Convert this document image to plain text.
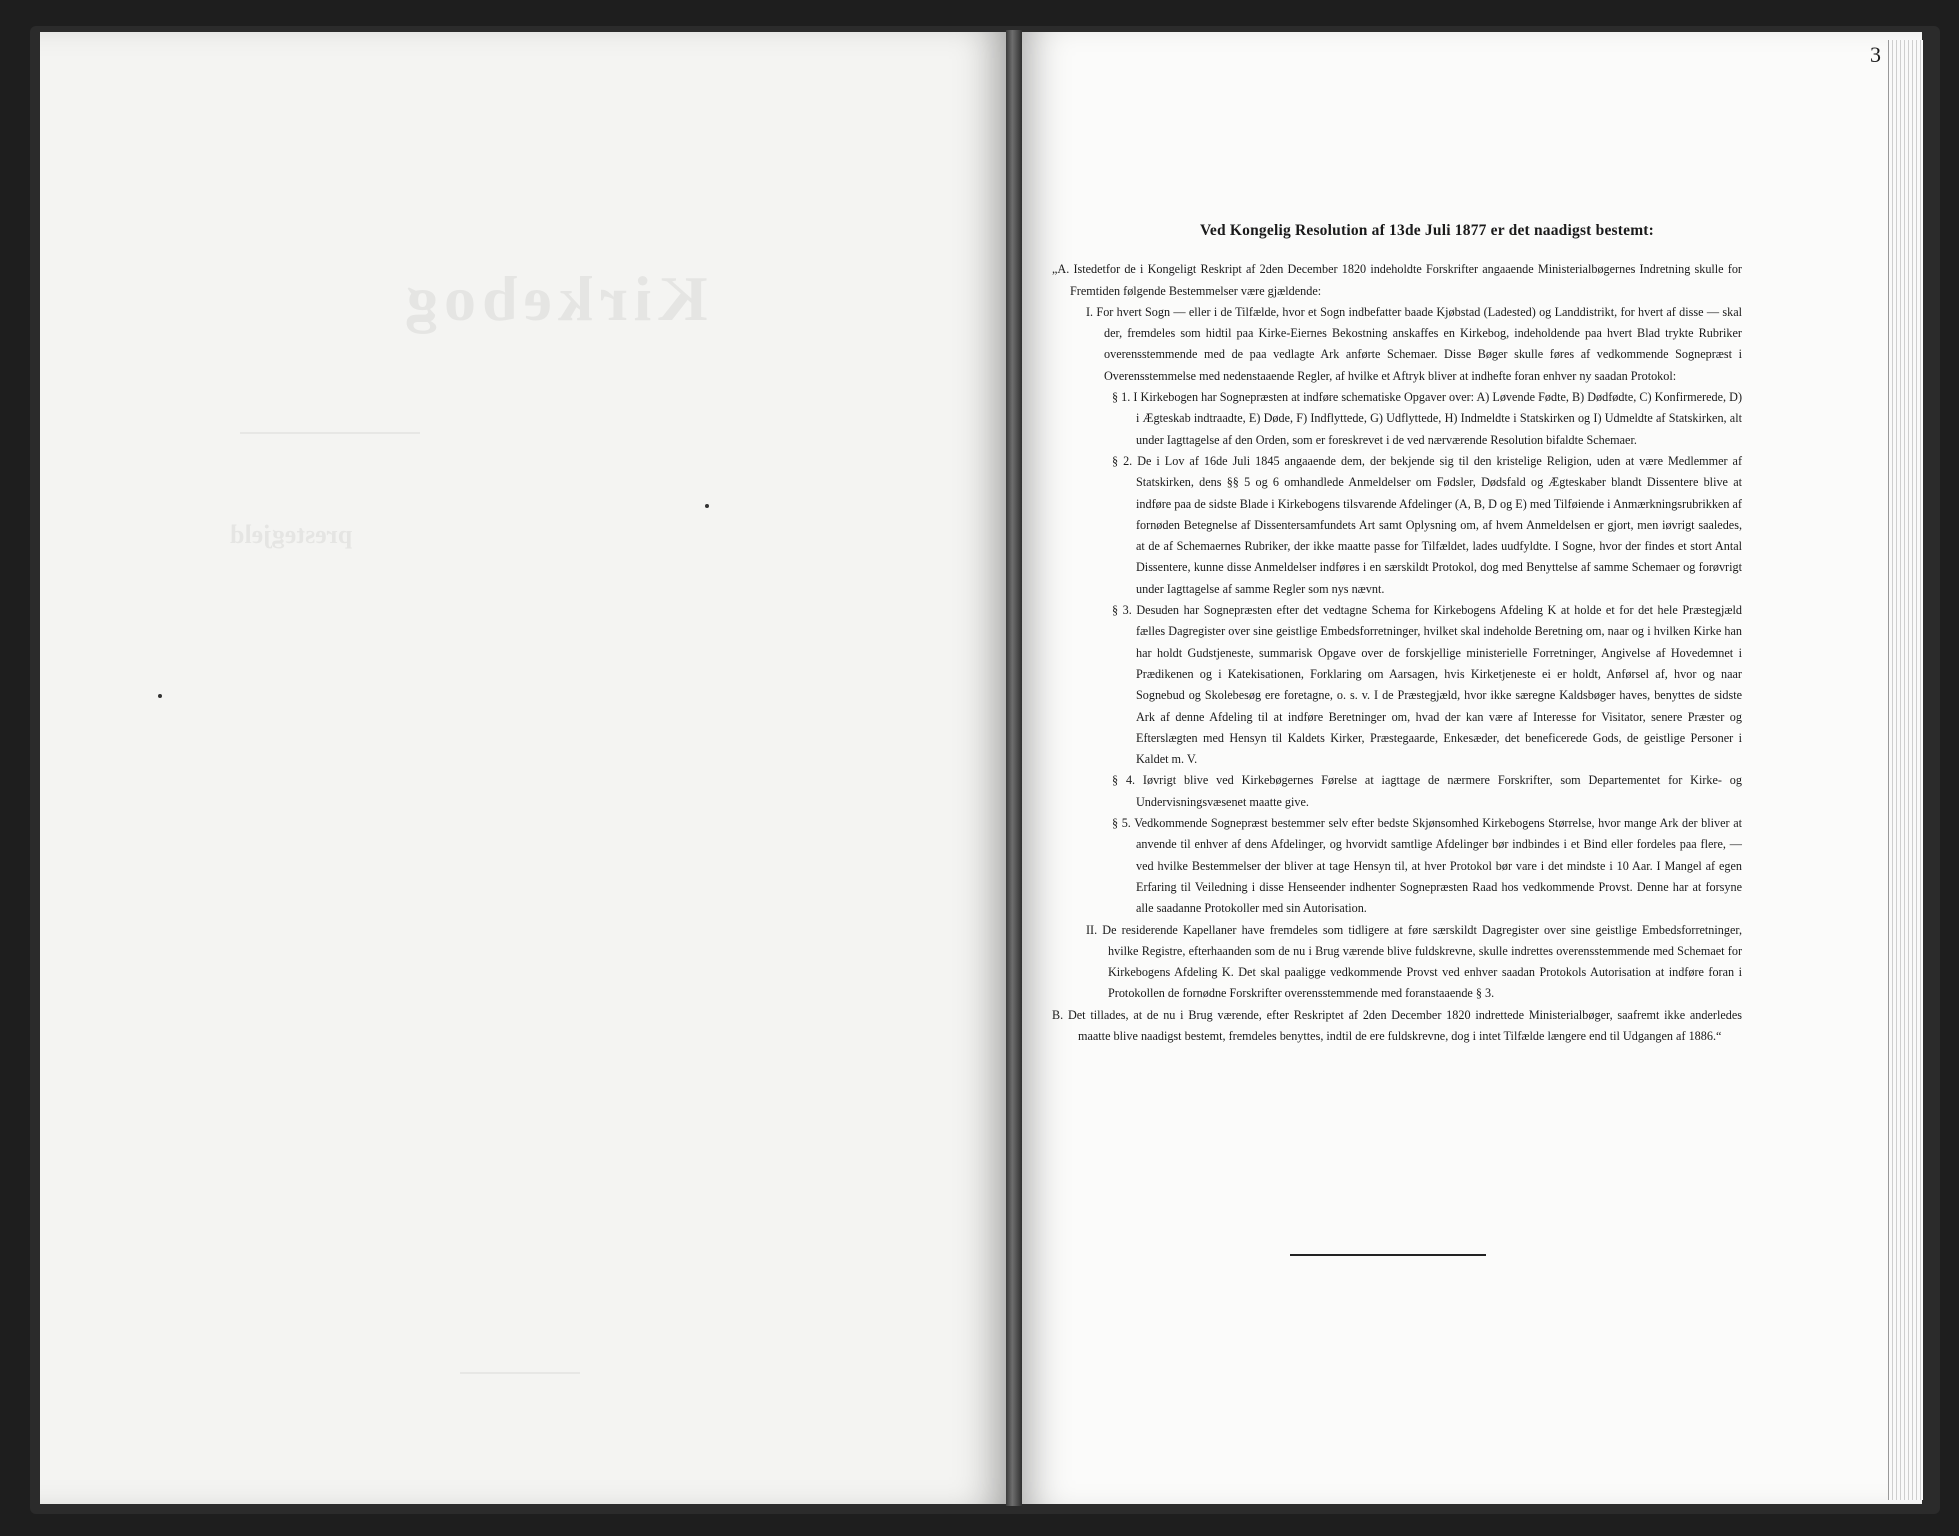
Kirkebog
prestegjeld
3
Ved Kongelig Resolution af 13de Juli 1877 er det naadigst bestemt:
„A. Istedetfor de i Kongeligt Reskript af 2den December 1820 indeholdte Forskrifter angaaende Ministerialbøgernes Indretning skulle for Fremtiden følgende Bestemmelser være gjældende:
I. For hvert Sogn — eller i de Tilfælde, hvor et Sogn indbefatter baade Kjøbstad (Ladested) og Landdistrikt, for hvert af disse — skal der, fremdeles som hidtil paa Kirke-Eiernes Bekostning anskaffes en Kirkebog, indeholdende paa hvert Blad trykte Rubriker overensstemmende med de paa vedlagte Ark anførte Schemaer. Disse Bøger skulle føres af vedkommende Sognepræst i Overensstemmelse med nedenstaaende Regler, af hvilke et Aftryk bliver at indhefte foran enhver ny saadan Protokol:
§ 1. I Kirkebogen har Sognepræsten at indføre schematiske Opgaver over: A) Løvende Fødte, B) Dødfødte, C) Konfirmerede, D) i Ægteskab indtraadte, E) Døde, F) Indflyttede, G) Udflyttede, H) Indmeldte i Statskirken og I) Udmeldte af Statskirken, alt under Iagttagelse af den Orden, som er foreskrevet i de ved nærværende Resolution bifaldte Schemaer.
§ 2. De i Lov af 16de Juli 1845 angaaende dem, der bekjende sig til den kristelige Religion, uden at være Medlemmer af Statskirken, dens §§ 5 og 6 omhandlede Anmeldelser om Fødsler, Dødsfald og Ægteskaber blandt Dissentere blive at indføre paa de sidste Blade i Kirkebogens tilsvarende Afdelinger (A, B, D og E) med Tilføiende i Anmærkningsrubrikken af fornøden Betegnelse af Dissentersamfundets Art samt Oplysning om, af hvem Anmeldelsen er gjort, men iøvrigt saaledes, at de af Schemaernes Rubriker, der ikke maatte passe for Tilfældet, lades uudfyldte. I Sogne, hvor der findes et stort Antal Dissentere, kunne disse Anmeldelser indføres i en særskildt Protokol, dog med Benyttelse af samme Schemaer og forøvrigt under Iagttagelse af samme Regler som nys nævnt.
§ 3. Desuden har Sognepræsten efter det vedtagne Schema for Kirkebogens Afdeling K at holde et for det hele Præstegjæld fælles Dagregister over sine geistlige Embedsforretninger, hvilket skal indeholde Beretning om, naar og i hvilken Kirke han har holdt Gudstjeneste, summarisk Opgave over de forskjellige ministerielle Forretninger, Angivelse af Hovedemnet i Prædikenen og i Katekisationen, Forklaring om Aarsagen, hvis Kirketjeneste ei er holdt, Anførsel af, hvor og naar Sognebud og Skolebesøg ere foretagne, o. s. v. I de Præstegjæld, hvor ikke særegne Kaldsbøger haves, benyttes de sidste Ark af denne Afdeling til at indføre Beretninger om, hvad der kan være af Interesse for Visitator, senere Præster og Efterslægten med Hensyn til Kaldets Kirker, Præstegaarde, Enkesæder, det beneficerede Gods, de geistlige Personer i Kaldet m. V.
§ 4. Iøvrigt blive ved Kirkebøgernes Førelse at iagttage de nærmere Forskrifter, som Departementet for Kirke- og Undervisningsvæsenet maatte give.
§ 5. Vedkommende Sognepræst bestemmer selv efter bedste Skjønsomhed Kirkebogens Størrelse, hvor mange Ark der bliver at anvende til enhver af dens Afdelinger, og hvorvidt samtlige Afdelinger bør indbindes i et Bind eller fordeles paa flere, — ved hvilke Bestemmelser der bliver at tage Hensyn til, at hver Protokol bør vare i det mindste i 10 Aar. I Mangel af egen Erfaring til Veiledning i disse Henseender indhenter Sognepræsten Raad hos vedkommende Provst. Denne har at forsyne alle saadanne Protokoller med sin Autorisation.
II. De residerende Kapellaner have fremdeles som tidligere at føre særskildt Dagregister over sine geistlige Embedsforretninger, hvilke Registre, efterhaanden som de nu i Brug værende blive fuldskrevne, skulle indrettes overensstemmende med Schemaet for Kirkebogens Afdeling K. Det skal paaligge vedkommende Provst ved enhver saadan Protokols Autorisation at indføre foran i Protokollen de fornødne Forskrifter overensstemmende med foranstaaende § 3.
B. Det tillades, at de nu i Brug værende, efter Reskriptet af 2den December 1820 indrettede Ministerialbøger, saafremt ikke anderledes maatte blive naadigst bestemt, fremdeles benyttes, indtil de ere fuldskrevne, dog i intet Tilfælde længere end til Udgangen af 1886.“
